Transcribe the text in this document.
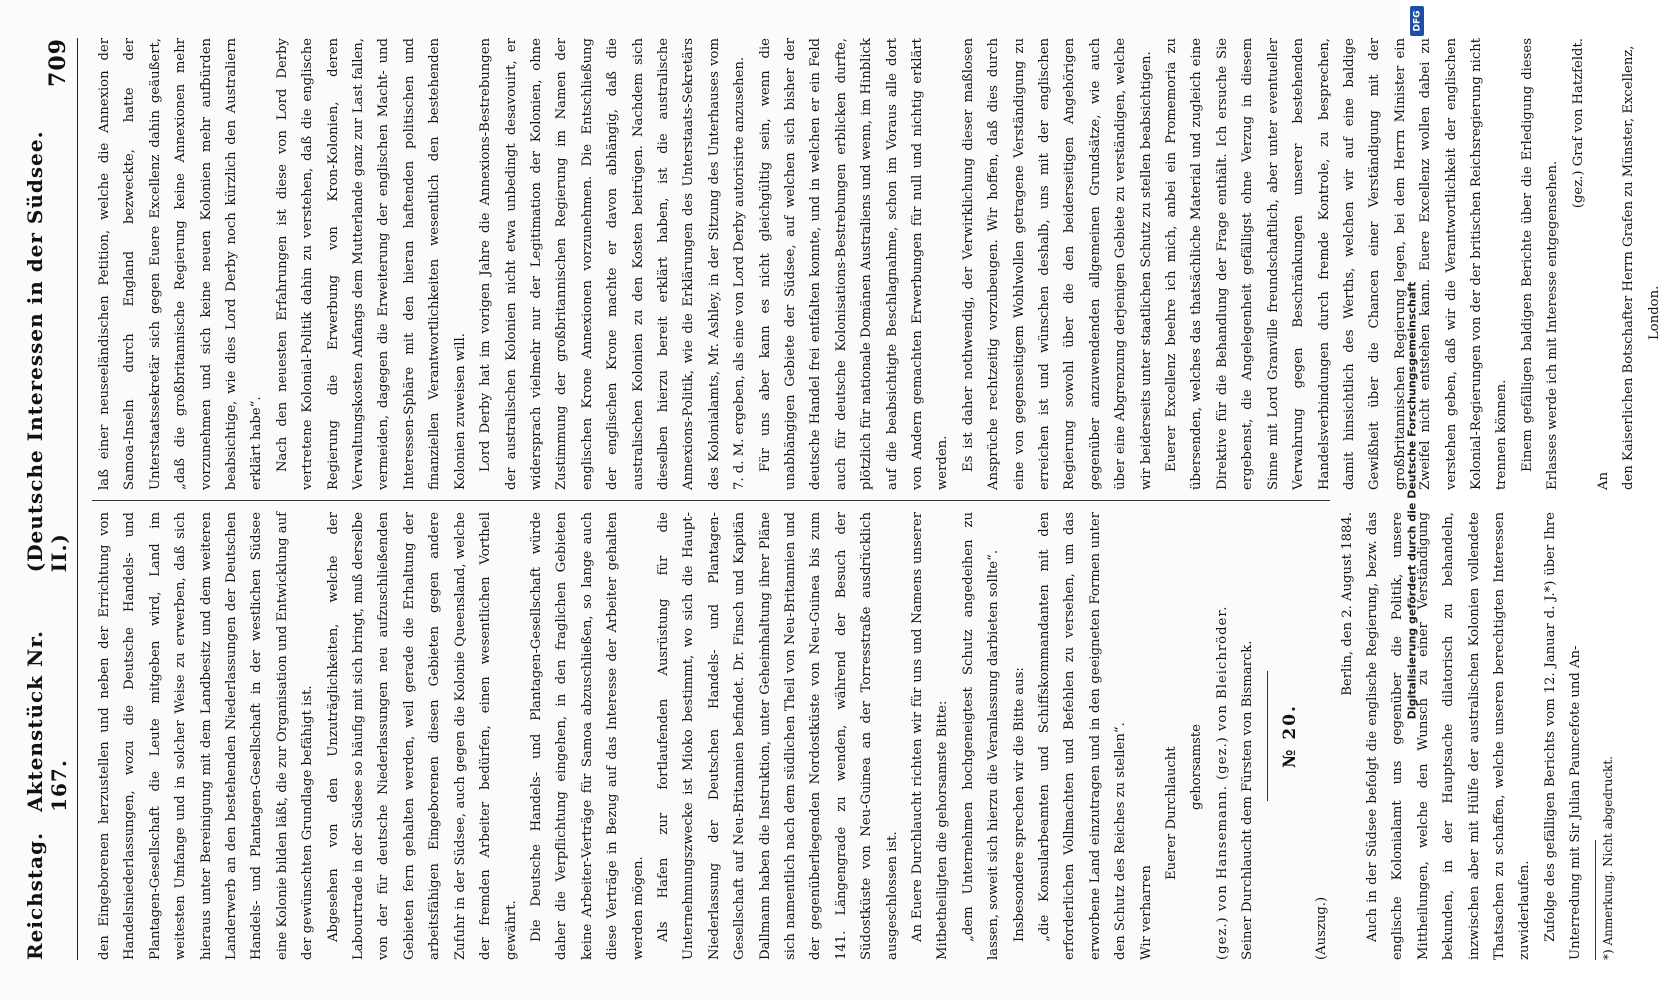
Reichstag.
Aktenstück Nr. 167.
(Deutsche Interessen in der Südsee. II.)
709

den Eingeborenen herzustellen und neben der Errichtung von Handelsniederlassungen, wozu die Deutsche Handels- und Plantagen-Gesellschaft die Leute mitgeben wird, Land im weitesten Umfange und in solcher Weise zu erwerben, daß sich hieraus unter Bereinigung mit dem Landbesitz und dem weiteren Landerwerb an den bestehenden Niederlassungen der Deutschen Handels- und Plantagen-Gesellschaft in der westlichen Südsee eine Kolonie bilden läßt, die zur Organisation und Entwicklung auf der gewünschten Grundlage befähigt ist. Abgesehen von den Unzuträglichkeiten, welche der Labourtrade in der Südsee so häufig mit sich bringt, muß derselbe von der für deutsche Niederlassungen neu aufzuschließenden Gebieten fern gehalten werden, weil gerade die Erhaltung der arbeitsfähigen Eingeborenen diesen Gebieten gegen andere Zufuhr in der Südsee, auch gegen die Kolonie Queensland, welche der fremden Arbeiter bedürfen, einen wesentlichen Vortheil gewährt. Die Deutsche Handels- und Plantagen-Gesellschaft würde daher die Verpflichtung eingehen, in den fraglichen Gebieten keine Arbeiter-Verträge für Samoa abzuschließen, so lange auch diese Verträge in Bezug auf das Interesse der Arbeiter gehalten werden mögen. Als Hafen zur fortlaufenden Ausrüstung für die Unternehmungszwecke ist Mioko bestimmt, wo sich die Haupt-Niederlassung der Deutschen Handels- und Plantagen-Gesellschaft auf Neu-Britannien befindet. Dr. Finsch und Kapitän Dallmann haben die Instruktion, unter Geheimhaltung ihrer Pläne sich namentlich nach dem südlichen Theil von Neu-Britannien und der gegenüberliegenden Nordostküste von Neu-Guinea bis zum 141. Längengrade zu wenden, während der Besuch der Südostküste von Neu-Guinea an der Torresstraße ausdrücklich ausgeschlossen ist. An Euere Durchlaucht richten wir für uns und Namens unserer Mitbetheiligten die gehorsamste Bitte: „dem Unternehmen hochgeneigtest Schutz angedeihen zu lassen, soweit sich hierzu die Veranlassung darbieten sollte“. Insbesondere sprechen wir die Bitte aus: „die Konsularbeamten und Schiffskommandanten mit den erforderlichen Vollmachten und Befehlen zu versehen, um das erworbene Land einzutragen und in den geeigneten Formen unter den Schutz des Reiches zu stellen“. Wir verharren

Euerer Durchlaucht gehorsamste (gez.) von Hansemann. (gez.) von Bleichröder. Seiner Durchlaucht dem Fürsten von Bismarck.	№ 20.

(Auszug.)

Berlin, den 2. August 1884. Auch in der Südsee befolgt die englische Regierung, bezw. das englische Kolonialamt uns gegenüber die Politik, unsere Mittheilungen, welche den Wunsch zu einer Verständigung bekunden, in der Hauptsache dilatorisch zu behandeln, inzwischen aber mit Hülfe der australischen Kolonien vollendete Thatsachen zu schaffen, welche unseren berechtigten Interessen zuwiderlaufen. Zufolge des gefälligen Berichts vom 12. Januar d. J.*) über Ihre Unterredung mit Sir Julian Pauncefote und An-	*) Anmerkung. Nicht abgedruckt.

laß einer neuseeländischen Petition, welche die Annexion der Samoa-Inseln durch England bezweckte, hatte der Unterstaatssekretär sich gegen Euere Excellenz dahin geäußert, „daß die großbritannische Regierung keine Annexionen mehr vorzunehmen und sich keine neuen Kolonien mehr aufbürden beabsichtige, wie dies Lord Derby noch kürzlich den Australiern erklärt habe“. Nach den neuesten Erfahrungen ist diese von Lord Derby vertretene Kolonial-Politik dahin zu verstehen, daß die englische Regierung die Erwerbung von Kron-Kolonien, deren Verwaltungskosten Anfangs dem Mutterlande ganz zur Last fallen, vermeiden, dagegen die Erweiterung der englischen Macht- und Interessen-Sphäre mit den hieran haftenden politischen und finanziellen Verantwortlichkeiten wesentlich den bestehenden Kolonien zuweisen will. Lord Derby hat im vorigen Jahre die Annexions-Bestrebungen der australischen Kolonien nicht etwa unbedingt desavouirt, er widersprach vielmehr nur der Legitimation der Kolonien, ohne Zustimmung der großbritannischen Regierung im Namen der englischen Krone Annexionen vorzunehmen. Die Entschließung der englischen Krone machte er davon abhängig, daß die australischen Kolonien zu den Kosten beitrügen. Nachdem sich dieselben hierzu bereit erklärt haben, ist die australische Annexions-Politik, wie die Erklärungen des Unterstaats-Sekretärs des Kolonialamts, Mr. Ashley, in der Sitzung des Unterhauses vom 7. d. M. ergeben, als eine von Lord Derby autorisirte anzusehen. Für uns aber kann es nicht gleichgültig sein, wenn die unabhängigen Gebiete der Südsee, auf welchen sich bisher der deutsche Handel frei entfalten konnte, und in welchen er ein Feld auch für deutsche Kolonisations-Bestrebungen erblicken durfte, plötzlich für nationale Domänen Australiens und wenn, im Hinblick auf die beabsichtigte Beschlagnahme, schon im Voraus alle dort von Andern gemachten Erwerbungen für null und nichtig erklärt werden. Es ist daher nothwendig, der Verwirklichung dieser maßlosen Ansprüche rechtzeitig vorzubeugen. Wir hoffen, daß dies durch eine von gegenseitigem Wohlwollen getragene Verständigung zu erreichen ist und wünschen deshalb, uns mit der englischen Regierung sowohl über die den beiderseitigen Angehörigen gegenüber anzuwendenden allgemeinen Grundsätze, wie auch über eine Abgrenzung derjenigen Gebiete zu verständigen, welche wir beiderseits unter staatlichen Schutz zu stellen beabsichtigen. Euerer Excellenz beehre ich mich, anbei ein Promemoria zu übersenden, welches das thatsächliche Material und zugleich eine Direktive für die Behandlung der Frage enthält. Ich ersuche Sie ergebenst, die Angelegenheit gefälligst ohne Verzug in diesem Sinne mit Lord Granville freundschaftlich, aber unter eventueller Verwahrung gegen Beschränkungen unserer bestehenden Handelsverbindungen durch fremde Kontrole, zu besprechen, damit hinsichtlich des Werths, welchen wir auf eine baldige Gewißheit über die Chancen einer Verständigung mit der großbritannischen Regierung legen, bei dem Herrn Minister ein Zweifel nicht entstehen kann. Euere Excellenz wollen dabei zu verstehen geben, daß wir die Verantwortlichkeit der englischen Kolonial-Regierungen von der der britischen Reichsregierung nicht trennen können. Einem gefälligen baldigen Berichte über die Erledigung dieses Erlasses werde ich mit Interesse entgegensehen.

(gez.) Graf von Hatzfeldt.

An den Kaiserlichen Botschafter Herrn Grafen zu Münster, Excellenz, London.

Digitalisierung gefördert durch die Deutsche Forschungsgemeinschaft
DFG
